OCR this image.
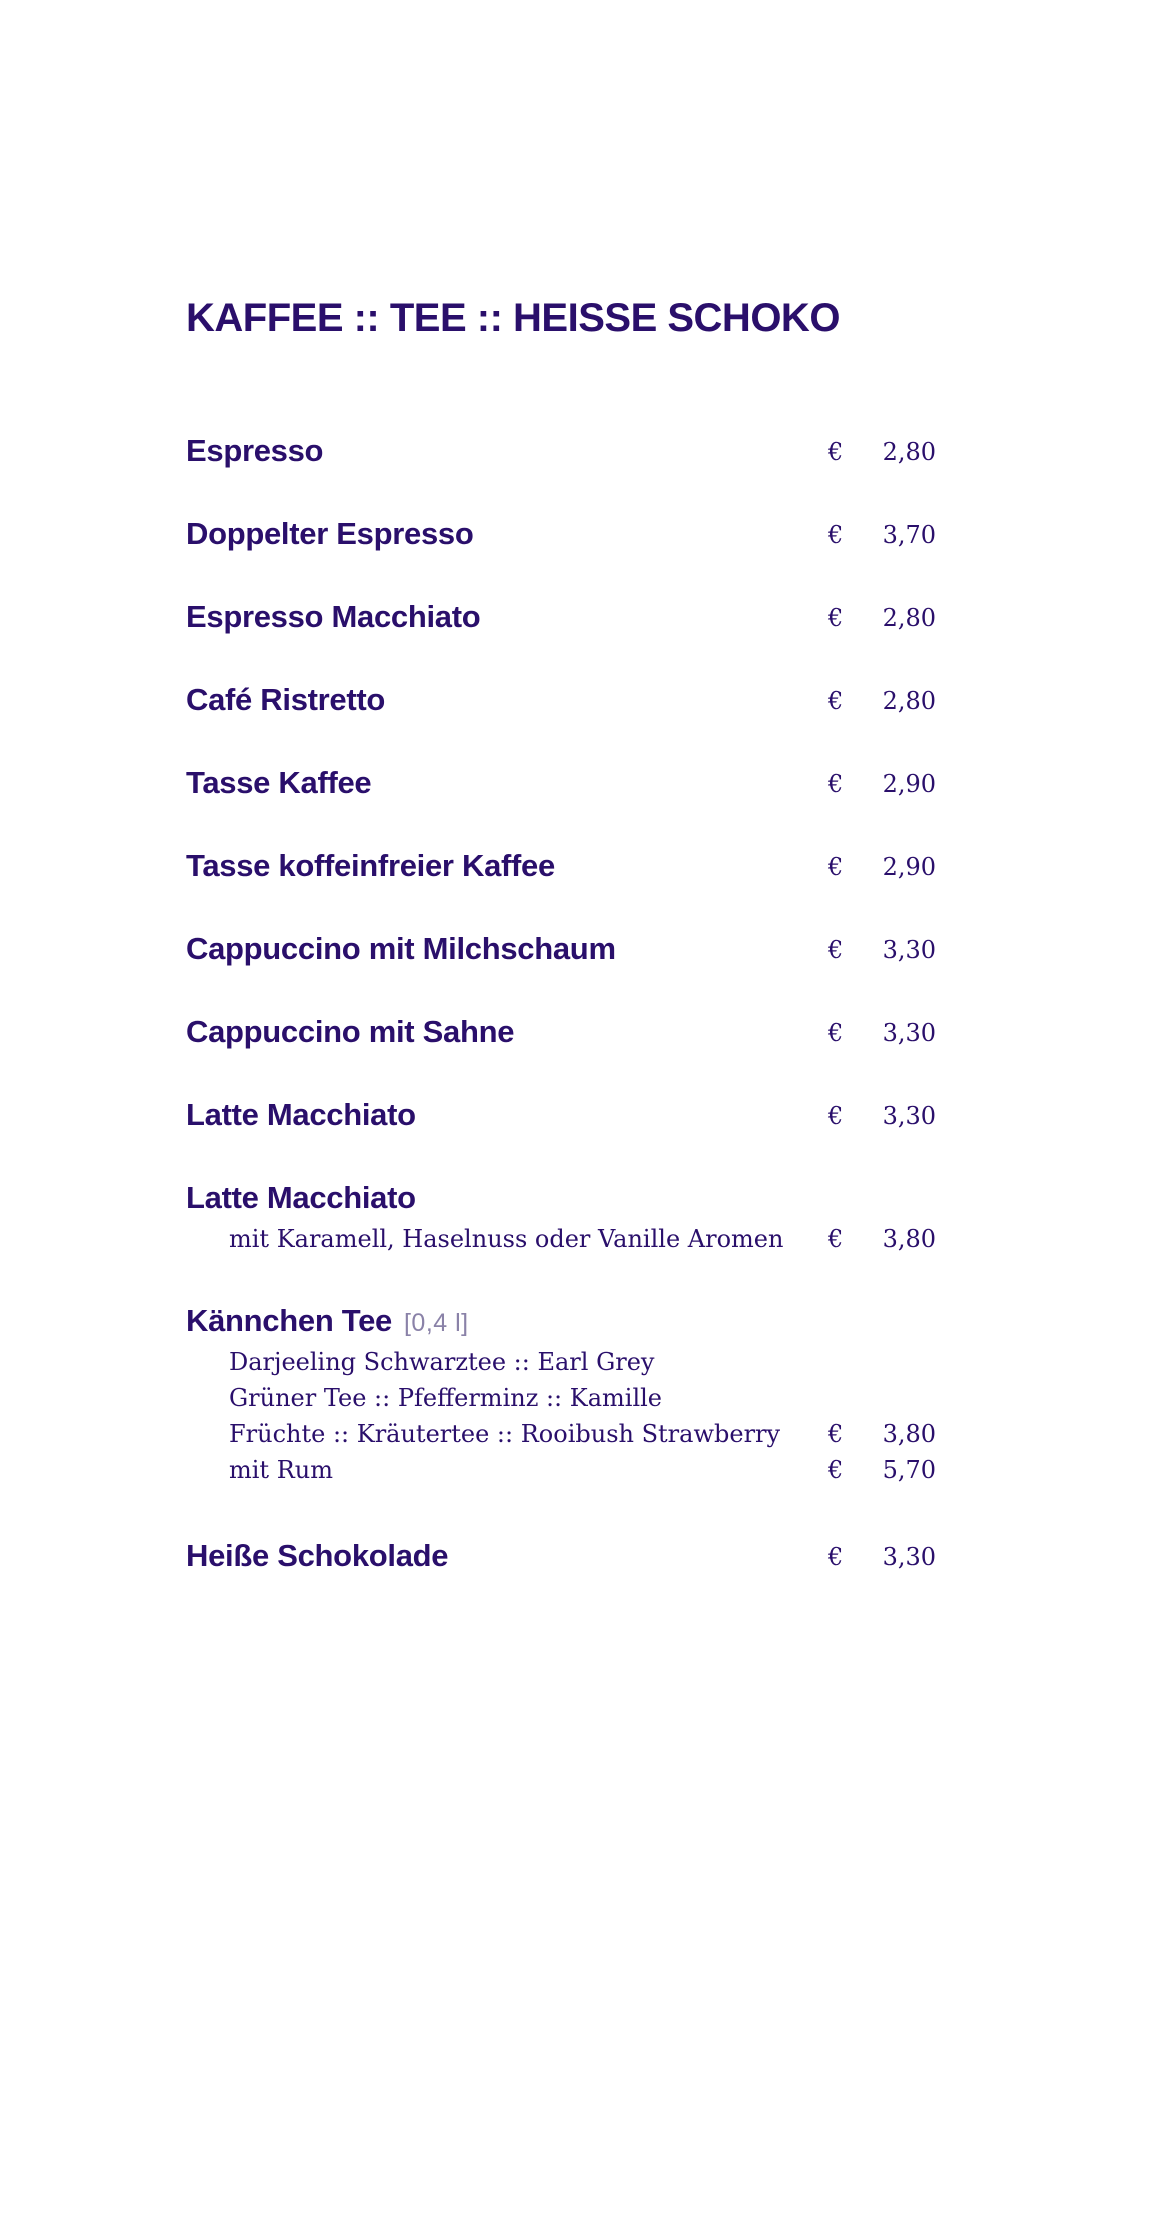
KAFFEE :: TEE :: HEISSE SCHOKO
Espresso	€	2,80
Doppelter Espresso	€	3,70
Espresso Macchiato	€	2,80
Café Ristretto	€	2,80
Tasse Kaffee	€	2,90
Tasse koffeinfreier Kaffee	€	2,90
Cappuccino mit Milchschaum	€	3,30
Cappuccino mit Sahne	€	3,30
Latte Macchiato	€	3,30
Latte Macchiato
mit Karamell, Haselnuss oder Vanille Aromen €	3,80
Kännchen Tee [0,4 l]
Darjeeling Schwarztee :: Earl Grey
Grüner Tee :: Pfefferminz :: Kamille
Früchte :: Kräutertee :: Rooibush Strawberry €	3,80
mit Rum	€	5,70
Heiße Schokolade	€	3,30
